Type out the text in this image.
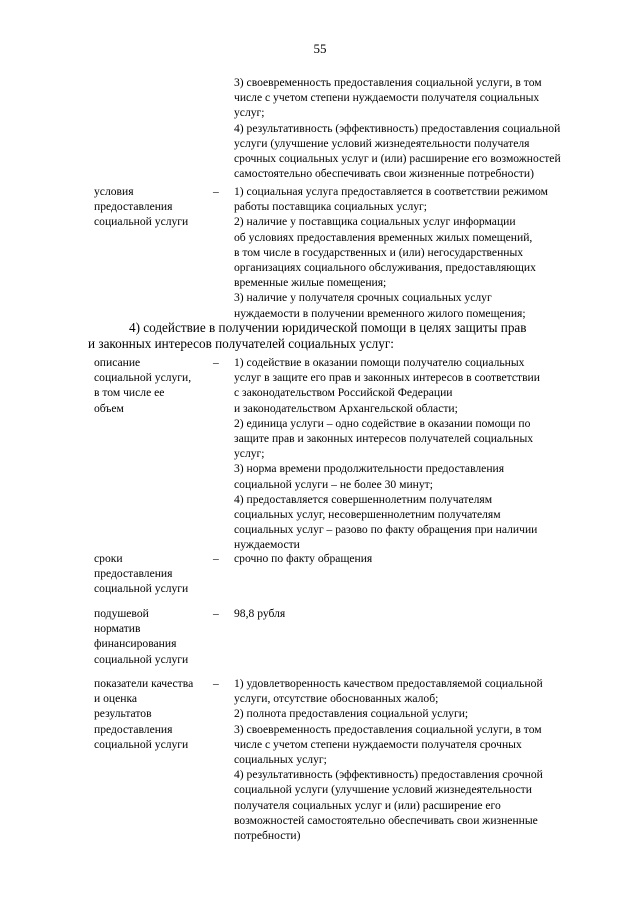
55
3) своевременность предоставления социальной услуги, в том
числе с учетом степени нуждаемости получателя социальных
услуг;
4) результативность (эффективность) предоставления социальной
услуги (улучшение условий жизнедеятельности получателя
срочных социальных услуг и (или) расширение его возможностей
самостоятельно обеспечивать свои жизненные потребности)
условия
предоставления
социальной услуги
– 1) социальная услуга предоставляется в соответствии режимом
работы поставщика социальных услуг;
2) наличие у поставщика социальных услуг информации
об условиях предоставления временных жилых помещений,
в том числе в государственных и (или) негосударственных
организациях социального обслуживания, предоставляющих
временные жилые помещения;
3) наличие у получателя срочных социальных услуг
нуждаемости в получении временного жилого помещения;
4) содействие в получении юридической помощи в целях защиты прав
и законных интересов получателей социальных услуг:
описание
социальной услуги,
в том числе ее
объем
– 1) содействие в оказании помощи получателю социальных
услуг в защите его прав и законных интересов в соответствии
с законодательством Российской Федерации
и законодательством Архангельской области;
2) единица услуги – одно содействие в оказании помощи по
защите прав и законных интересов получателей социальных
услуг;
3) норма времени продолжительности предоставления
социальной услуги – не более 30 минут;
4) предоставляется совершеннолетним получателям
социальных услуг, несовершеннолетним получателям
социальных услуг – разово по факту обращения при наличии
нуждаемости
сроки
предоставления
социальной услуги
– срочно по факту обращения
подушевой
норматив
финансирования
социальной услуги
– 98,8 рубля
показатели качества
и оценка
результатов
предоставления
социальной услуги
– 1) удовлетворенность качеством предоставляемой социальной
услуги, отсутствие обоснованных жалоб;
2) полнота предоставления социальной услуги;
3) своевременность предоставления социальной услуги, в том
числе с учетом степени нуждаемости получателя срочных
социальных услуг;
4) результативность (эффективность) предоставления срочной
социальной услуги (улучшение условий жизнедеятельности
получателя социальных услуг и (или) расширение его
возможностей самостоятельно обеспечивать свои жизненные
потребности)
